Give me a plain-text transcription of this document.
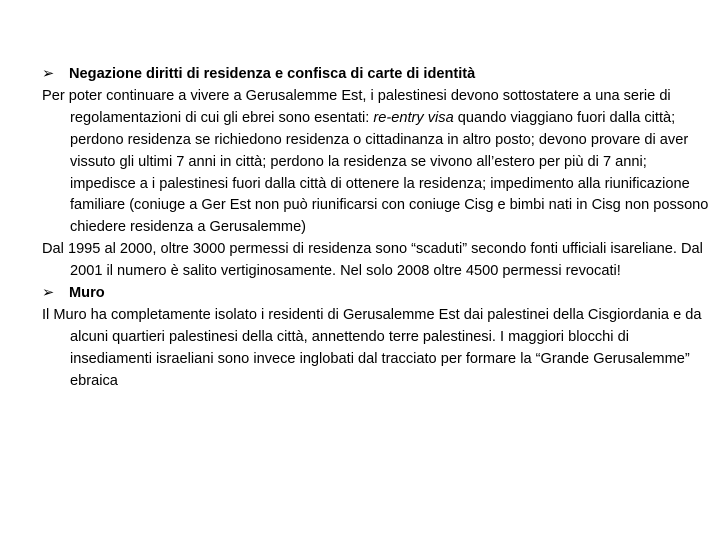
➢	Negazione diritti di residenza e confisca di carte di identità
Per poter continuare a vivere a Gerusalemme Est, i palestinesi devono sottostatere a una serie di regolamentazioni di cui gli ebrei sono esentati: re-entry visa quando viaggiano fuori dalla città; perdono residenza se richiedono residenza o cittadinanza in altro posto; devono provare di aver vissuto gli ultimi 7 anni in città; perdono la residenza se vivono all’estero per più di 7 anni; impedisce a i palestinesi fuori dalla città di ottenere la residenza; impedimento alla riunificazione familiare (coniuge a Ger Est non può riunificarsi con coniuge Cisg e bimbi nati in Cisg non possono chiedere residenza a Gerusalemme)
Dal 1995 al 2000, oltre 3000 permessi di residenza sono “scaduti” secondo fonti ufficiali isareliane. Dal 2001 il numero è salito vertiginosamente. Nel solo 2008 oltre 4500 permessi revocati!
➢	Muro
Il Muro ha completamente isolato i residenti di Gerusalemme Est dai palestinei della Cisgiordania e da alcuni quartieri palestinesi della città, annettendo terre palestinesi. I maggiori blocchi di insediamenti israeliani sono invece inglobati dal tracciato per formare la “Grande Gerusalemme” ebraica
